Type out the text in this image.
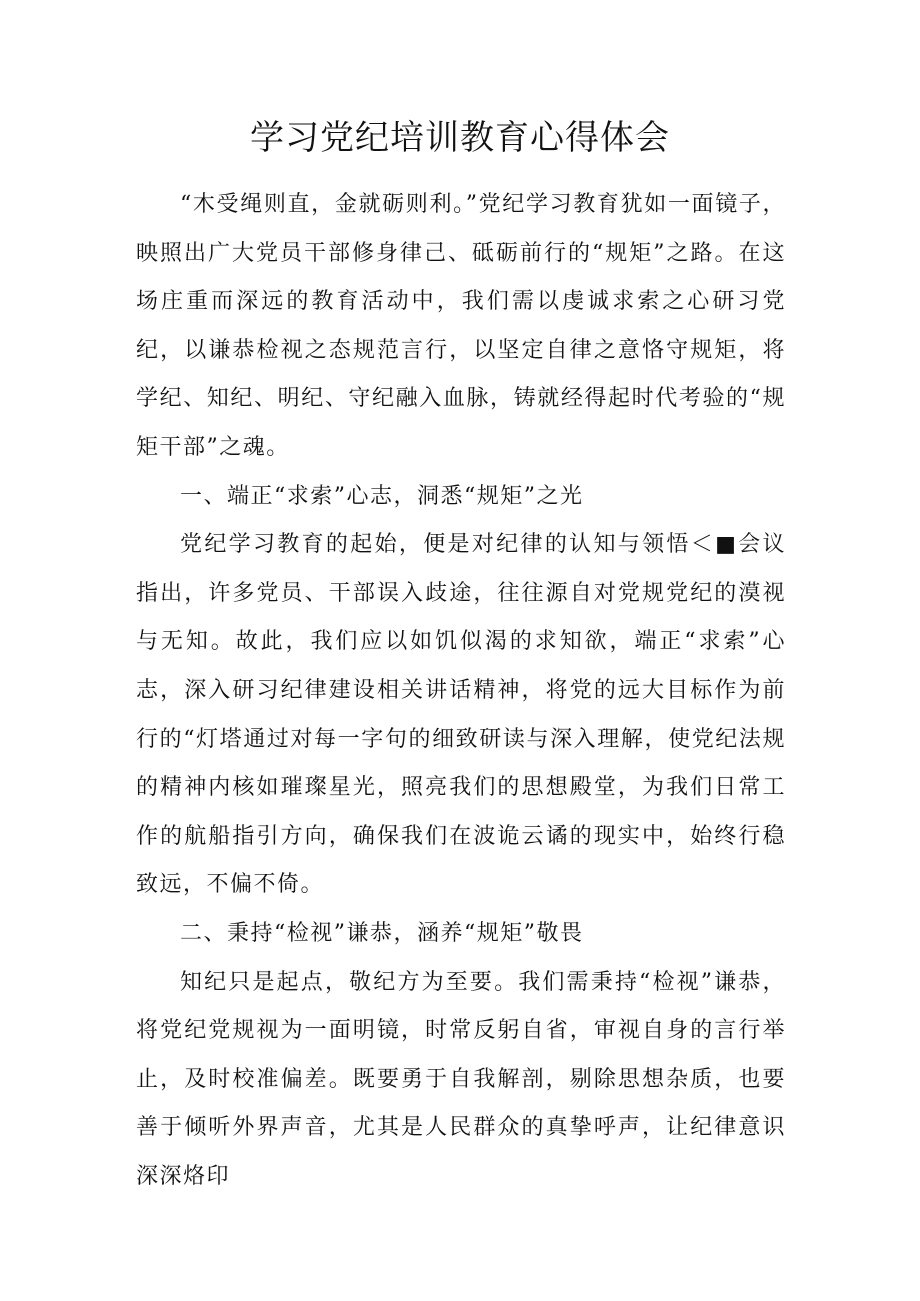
学习党纪培训教育心得体会

“木受绳则直，金就砺则利。”党纪学习教育犹如一面镜子，映照出广大党员干部修身律己、砥砺前行的“规矩”之路。在这场庄重而深远的教育活动中，我们需以虔诚求索之心研习党纪，以谦恭检视之态规范言行，以坚定自律之意恪守规矩，将学纪、知纪、明纪、守纪融入血脉，铸就经得起时代考验的“规矩干部”之魂。

一、端正“求索”心志，洞悉“规矩”之光

党纪学习教育的起始，便是对纪律的认知与领悟＜■会议指出，许多党员、干部误入歧途，往往源自对党规党纪的漠视与无知。故此，我们应以如饥似渴的求知欲，端正“求索”心志，深入研习纪律建设相关讲话精神，将党的远大目标作为前行的“灯塔通过对每一字句的细致研读与深入理解，使党纪法规的精神内核如璀璨星光，照亮我们的思想殿堂，为我们日常工作的航船指引方向，确保我们在波诡云谲的现实中，始终行稳致远，不偏不倚。

二、秉持“检视”谦恭，涵养“规矩”敬畏

知纪只是起点，敬纪方为至要。我们需秉持“检视”谦恭，将党纪党规视为一面明镜，时常反躬自省，审视自身的言行举止，及时校准偏差。既要勇于自我解剖，剔除思想杂质，也要善于倾听外界声音，尤其是人民群众的真挚呼声，让纪律意识深深烙印
